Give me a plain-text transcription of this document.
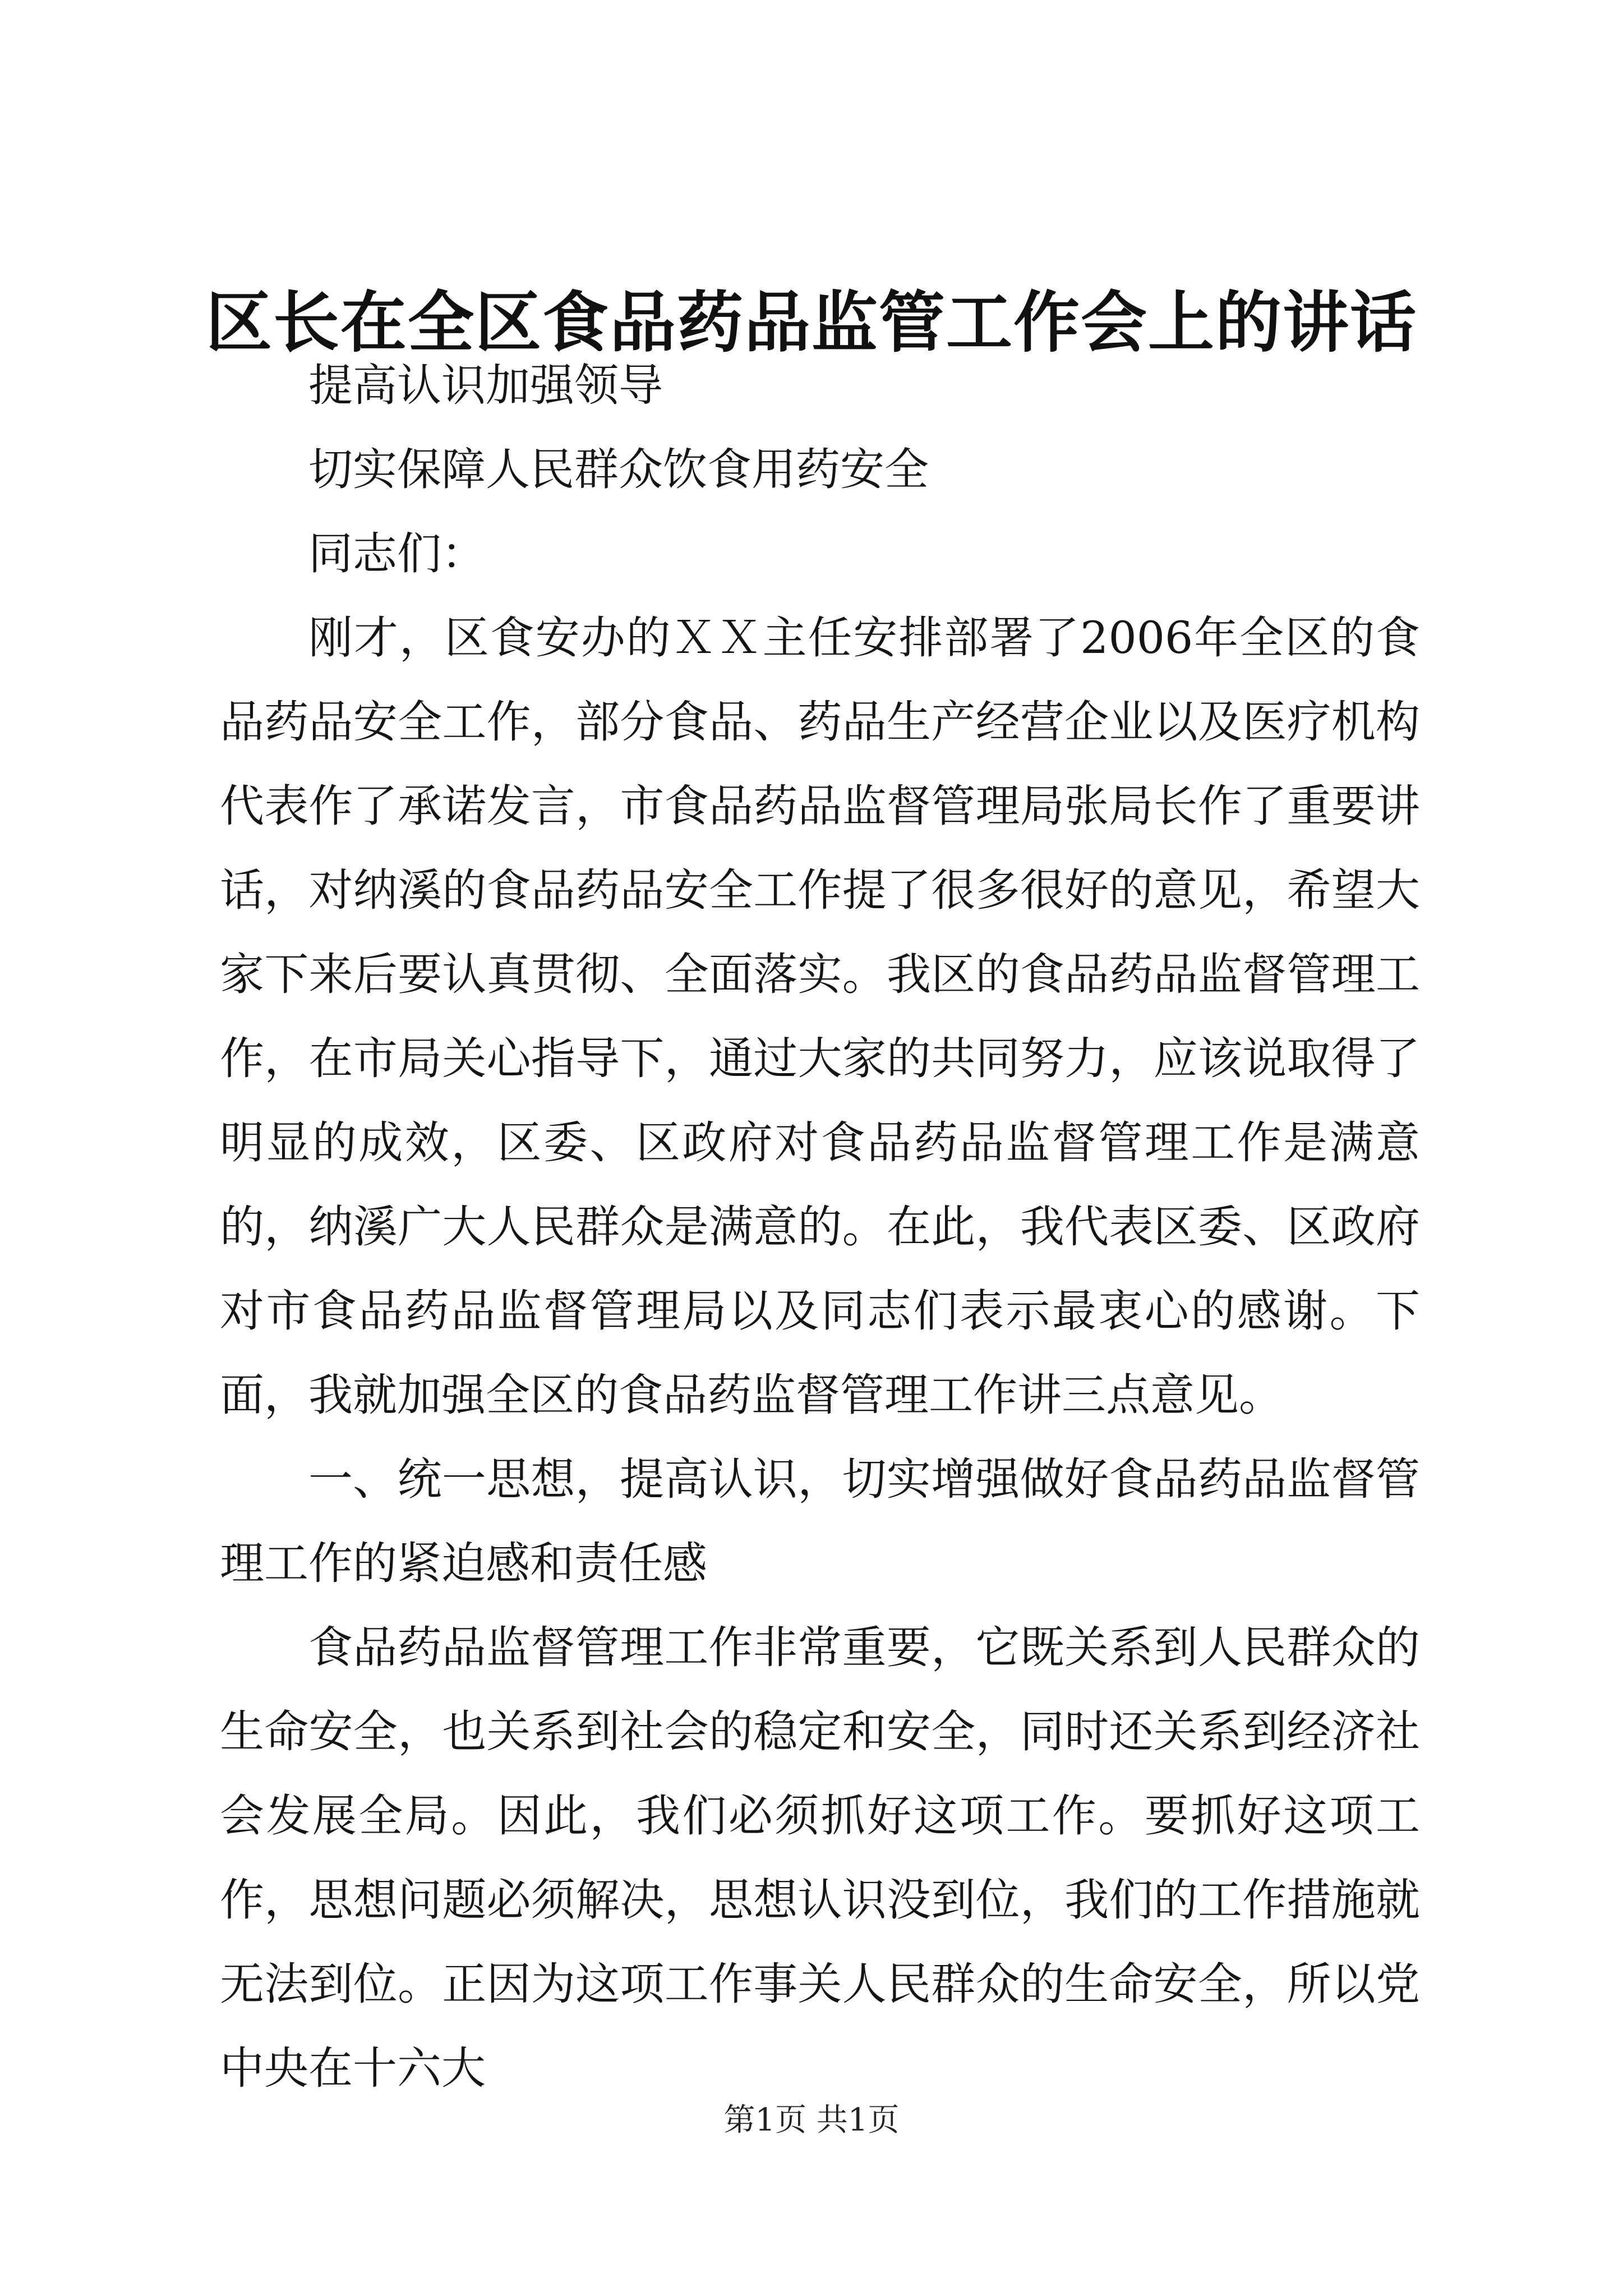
区长在全区食品药品监管工作会上的讲话

提高认识加强领导

切实保障人民群众饮食用药安全

同志们：

刚才，区食安办的ＸＸ主任安排部署了2006年全区的食品药品安全工作，部分食品、药品生产经营企业以及医疗机构代表作了承诺发言，市食品药品监督管理局张局长作了重要讲话，对纳溪的食品药品安全工作提了很多很好的意见，希望大家下来后要认真贯彻、全面落实。我区的食品药品监督管理工作，在市局关心指导下，通过大家的共同努力，应该说取得了明显的成效，区委、区政府对食品药品监督管理工作是满意的，纳溪广大人民群众是满意的。在此，我代表区委、区政府对市食品药品监督管理局以及同志们表示最衷心的感谢。下面，我就加强全区的食品药监督管理工作讲三点意见。

一、统一思想，提高认识，切实增强做好食品药品监督管理工作的紧迫感和责任感

食品药品监督管理工作非常重要，它既关系到人民群众的生命安全，也关系到社会的稳定和安全，同时还关系到经济社会发展全局。因此，我们必须抓好这项工作。要抓好这项工作，思想问题必须解决，思想认识没到位，我们的工作措施就无法到位。正因为这项工作事关人民群众的生命安全，所以党中央在十六大

第1页 共1页
